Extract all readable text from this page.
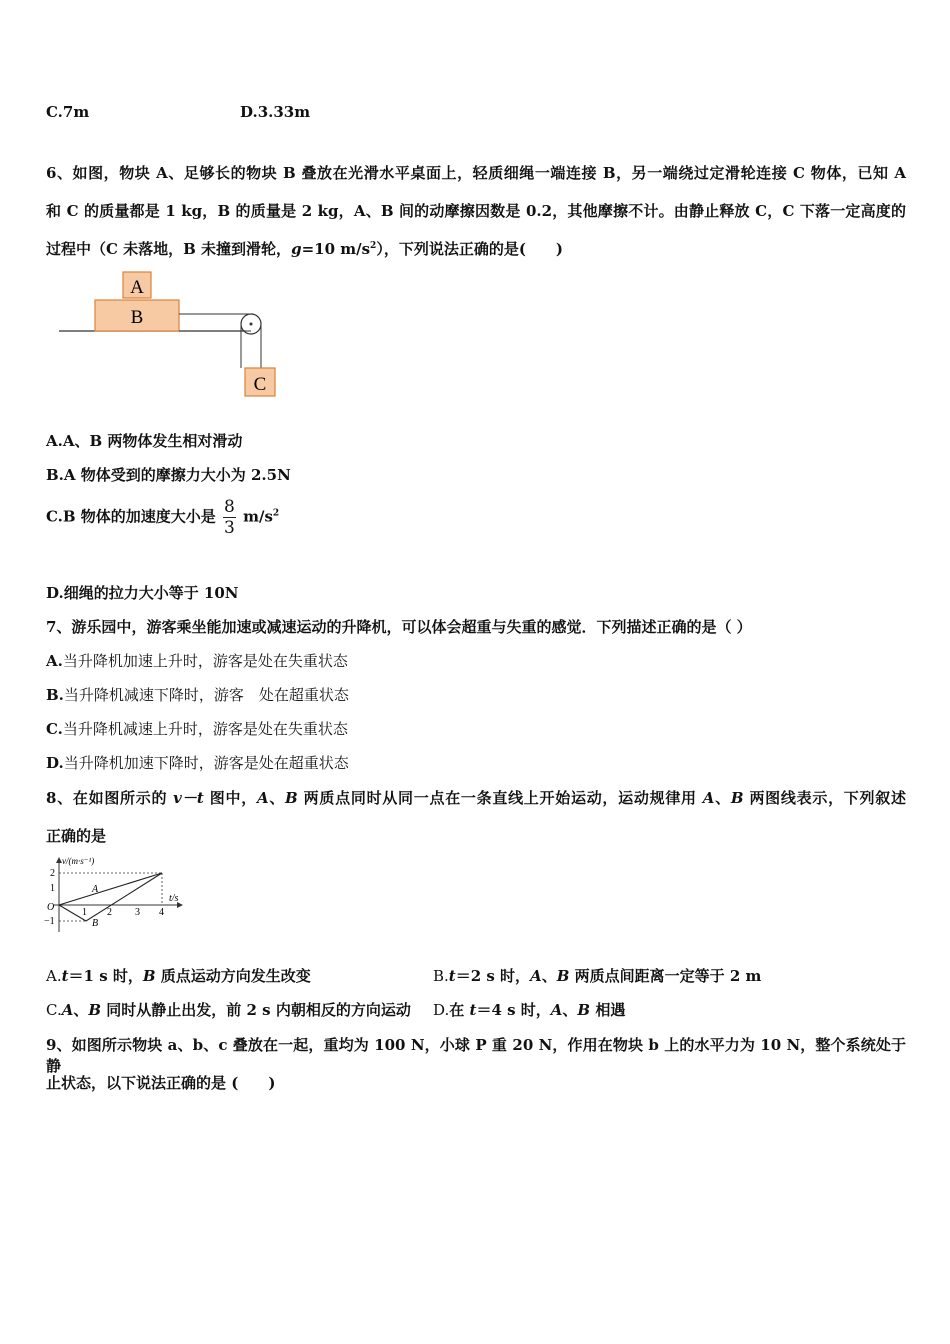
C.7m	D.3.33m
6、如图，物块 A、足够长的物块 B 叠放在光滑水平桌面上，轻质细绳一端连接 B，另一端绕过定滑轮连接 C 物体，已知 A
和 C 的质量都是 1 kg，B 的质量是 2 kg，A、B 间的动摩擦因数是 0.2，其他摩擦不计。由静止释放 C，C 下落一定高度的
过程中（C 未落地，B 未撞到滑轮，g=10 $m/s^2$），下列说法正确的是(　　)
A
B
C
A.A、B 两物体发生相对滑动
B.A 物体受到的摩擦力大小为 2.5N
C.B 物体的加速度大小是 $\frac{8}{3} m/s^2$
D.细绳的拉力大小等于 10N
7、游乐园中，游客乘坐能加速或减速运动的升降机，可以体会超重与失重的感觉．下列描述正确的是（ ）
A.当升降机加速上升时，游客是处在失重状态
B.当升降机减速下降时，游客　处在超重状态
C.当升降机减速上升时，游客是处在失重状态
D.当升降机加速下降时，游客是处在超重状态
8、在如图所示的 v－t 图中，A、B 两质点同时从同一点在一条直线上开始运动，运动规律用 A、B 两图线表示，下列叙述
正确的是
v/(m·s⁻¹)
t/s
O
2
1
−1
1 2 3 4
A
B
A.t＝1 s 时，B 质点运动方向发生改变	B.t＝2 s 时，A、B 两质点间距离一定等于 2 m
C.A、B 同时从静止出发，前 2 s 内朝相反的方向运动 D.在 t＝4 s 时，A、B 相遇
9、如图所示物块 a、b、c 叠放在一起，重均为 100 N，小球 P 重 20 N，作用在物块 b 上的水平力为 10 N，整个系统处于静
止状态，以下说法正确的是 (　　)
